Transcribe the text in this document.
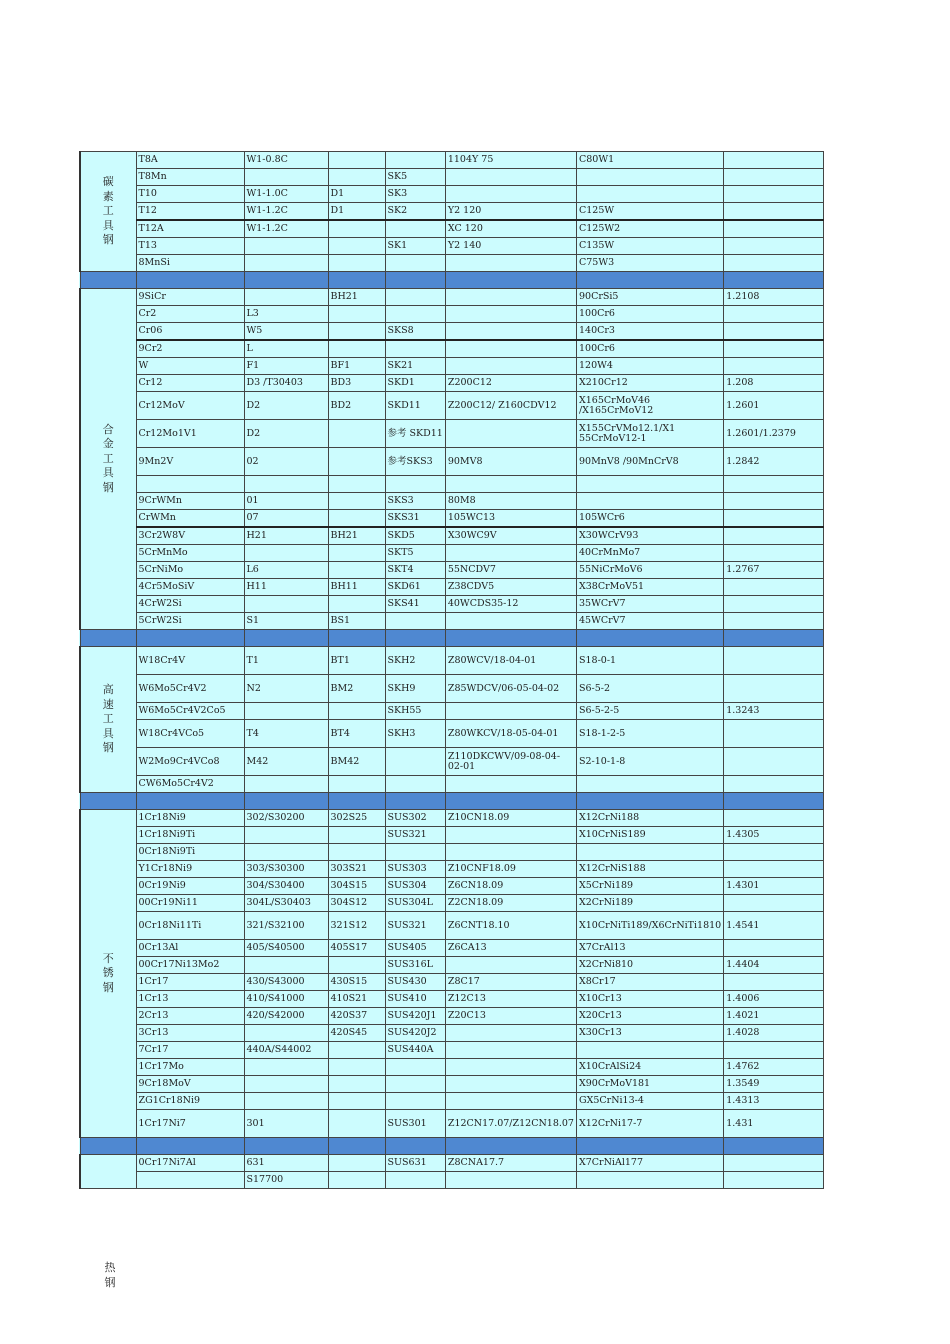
碳
素
工
具
钢	T8A	W1-0.8C			1104Y 75	C80W1	
	T8Mn			SK5			
	T10	W1-1.0C	D1	SK3			
	T12	W1-1.2C	D1	SK2	Y2 120	C125W	
	T12A	W1-1.2C			XC 120	C125W2	
	T13			SK1	Y2 140	C135W	
	8MnSi					C75W3	

合
金
工
具
钢	9SiCr		BH21			90CrSi5	1.2108
	Cr2	L3				100Cr6	
	Cr06	W5		SKS8		140Cr3	
	9Cr2	L				100Cr6	
	W	F1	BF1	SK21		120W4	
	Cr12	D3 /T30403	BD3	SKD1	Z200C12	X210Cr12	1.208
	Cr12MoV	D2	BD2	SKD11	Z200C12/ Z160CDV12	X165CrMoV46 /X165CrMoV12	1.2601
	Cr12Mo1V1	D2		参考 SKD11		X155CrVMo12.1/X1 55CrMoV12-1	1.2601/1.2379
	9Mn2V	02		参考SKS3	90MV8	90MnV8 /90MnCrV8	1.2842

	9CrWMn	01		SKS3	80M8		
	CrWMn	07		SKS31	105WC13	105WCr6	
	3Cr2W8V	H21	BH21	SKD5	X30WC9V	X30WCrV93	
	5CrMnMo			SKT5		40CrMnMo7	
	5CrNiMo	L6		SKT4	55NCDV7	55NiCrMoV6	1.2767
	4Cr5MoSiV	H11	BH11	SKD61	Z38CDV5	X38CrMoV51	
	4CrW2Si			SKS41	40WCDS35-12	35WCrV7	
	5CrW2Si	S1	BS1			45WCrV7	

高
速
工
具
钢	W18Cr4V	T1	BT1	SKH2	Z80WCV/18-04-01	S18-0-1	
	W6Mo5Cr4V2	N2	BM2	SKH9	Z85WDCV/06-05-04-02	S6-5-2	
	W6Mo5Cr4V2Co5			SKH55		S6-5-2-5	1.3243
	W18Cr4VCo5	T4	BT4	SKH3	Z80WKCV/18-05-04-01	S18-1-2-5	
	W2Mo9Cr4VCo8	M42	BM42		Z110DKCWV/09-08-04-02-01	S2-10-1-8	
	CW6Mo5Cr4V2						

不
锈
钢	1Cr18Ni9	302/S30200	302S25	SUS302	Z10CN18.09	X12CrNi188	
	1Cr18Ni9Ti			SUS321		X10CrNiS189	1.4305
	0Cr18Ni9Ti						
	Y1Cr18Ni9	303/S30300	303S21	SUS303	Z10CNF18.09	X12CrNiS188	
	0Cr19Ni9	304/S30400	304S15	SUS304	Z6CN18.09	X5CrNi189	1.4301
	00Cr19Ni11	304L/S30403	304S12	SUS304L	Z2CN18.09	X2CrNi189	
	0Cr18Ni11Ti	321/S32100	321S12	SUS321	Z6CNT18.10	X10CrNiTi189/X6CrNiTi1810	1.4541
	0Cr13Al	405/S40500	405S17	SUS405	Z6CA13	X7CrAl13	
	00Cr17Ni13Mo2			SUS316L		X2CrNi810	1.4404
	1Cr17	430/S43000	430S15	SUS430	Z8C17	X8Cr17	
	1Cr13	410/S41000	410S21	SUS410	Z12C13	X10Cr13	1.4006
	2Cr13	420/S42000	420S37	SUS420J1	Z20C13	X20Cr13	1.4021
	3Cr13		420S45	SUS420J2		X30Cr13	1.4028
	7Cr17	440A/S44002		SUS440A			
	1Cr17Mo					X10CrAlSi24	1.4762
	9Cr18MoV					X90CrMoV181	1.3549
	ZG1Cr18Ni9					GX5CrNi13-4	1.4313
	1Cr17Ni7	301		SUS301	Z12CN17.07/Z12CN18.07	X12CrNi17-7	1.431

	0Cr17Ni7Al	631		SUS631	Z8CNA17.7	X7CrNiAl177	
		S17700					
热
钢
